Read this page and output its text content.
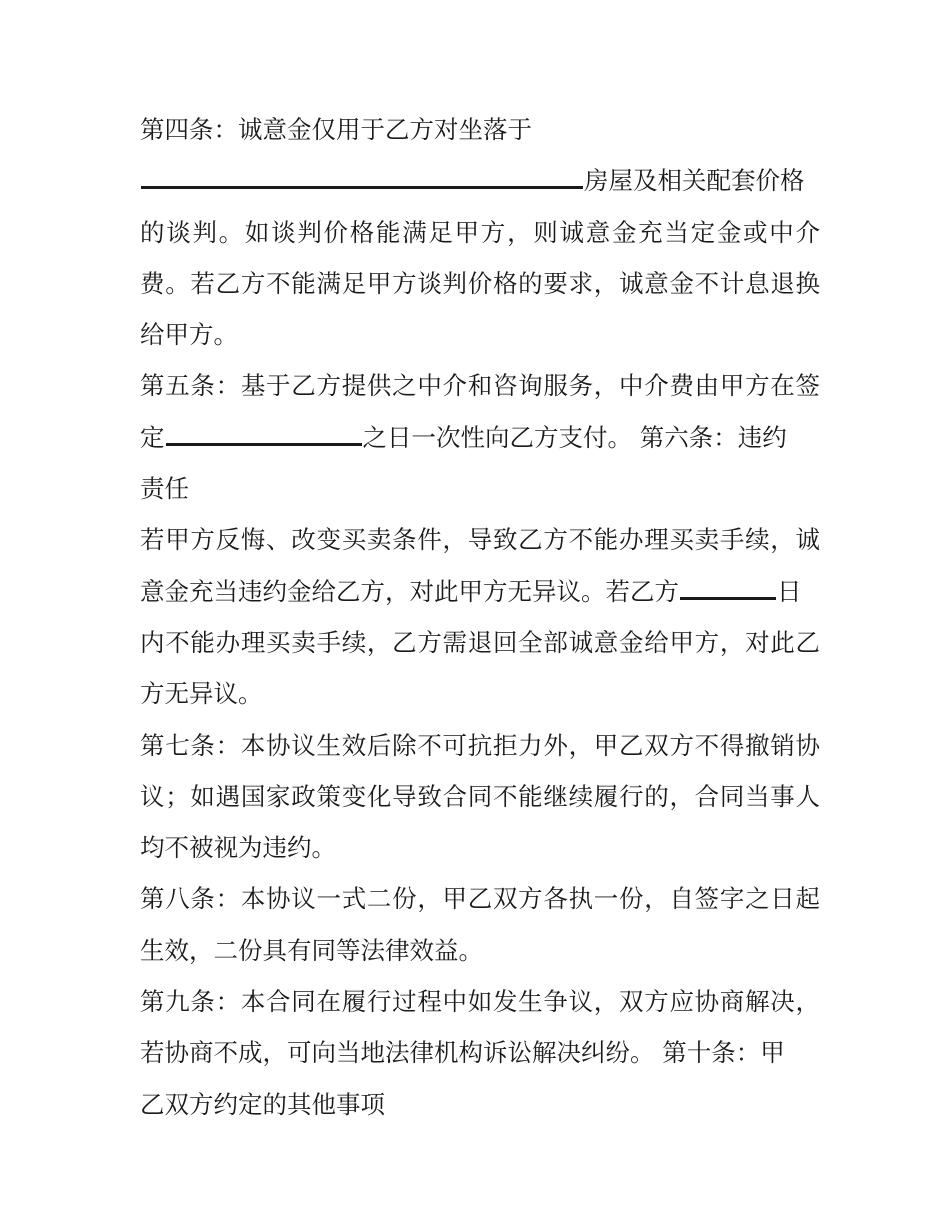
第四条：诚意金仅用于乙方对坐落于
房屋及相关配套价格
的谈判。如谈判价格能满足甲方，则诚意金充当定金或中介
费。若乙方不能满足甲方谈判价格的要求，诚意金不计息退换
给甲方。
第五条：基于乙方提供之中介和咨询服务，中介费由甲方在签
定	之日一次性向乙方支付。 第六条：违约
责任
若甲方反悔、改变买卖条件，导致乙方不能办理买卖手续，诚
意金充当违约金给乙方，对此甲方无异议。若乙方	日
内不能办理买卖手续，乙方需退回全部诚意金给甲方，对此乙
方无异议。
第七条：本协议生效后除不可抗拒力外，甲乙双方不得撤销协
议；如遇国家政策变化导致合同不能继续履行的，合同当事人
均不被视为违约。
第八条：本协议一式二份，甲乙双方各执一份，自签字之日起
生效，二份具有同等法律效益。
第九条：本合同在履行过程中如发生争议，双方应协商解决，
若协商不成，可向当地法律机构诉讼解决纠纷。 第十条：甲
乙双方约定的其他事项
